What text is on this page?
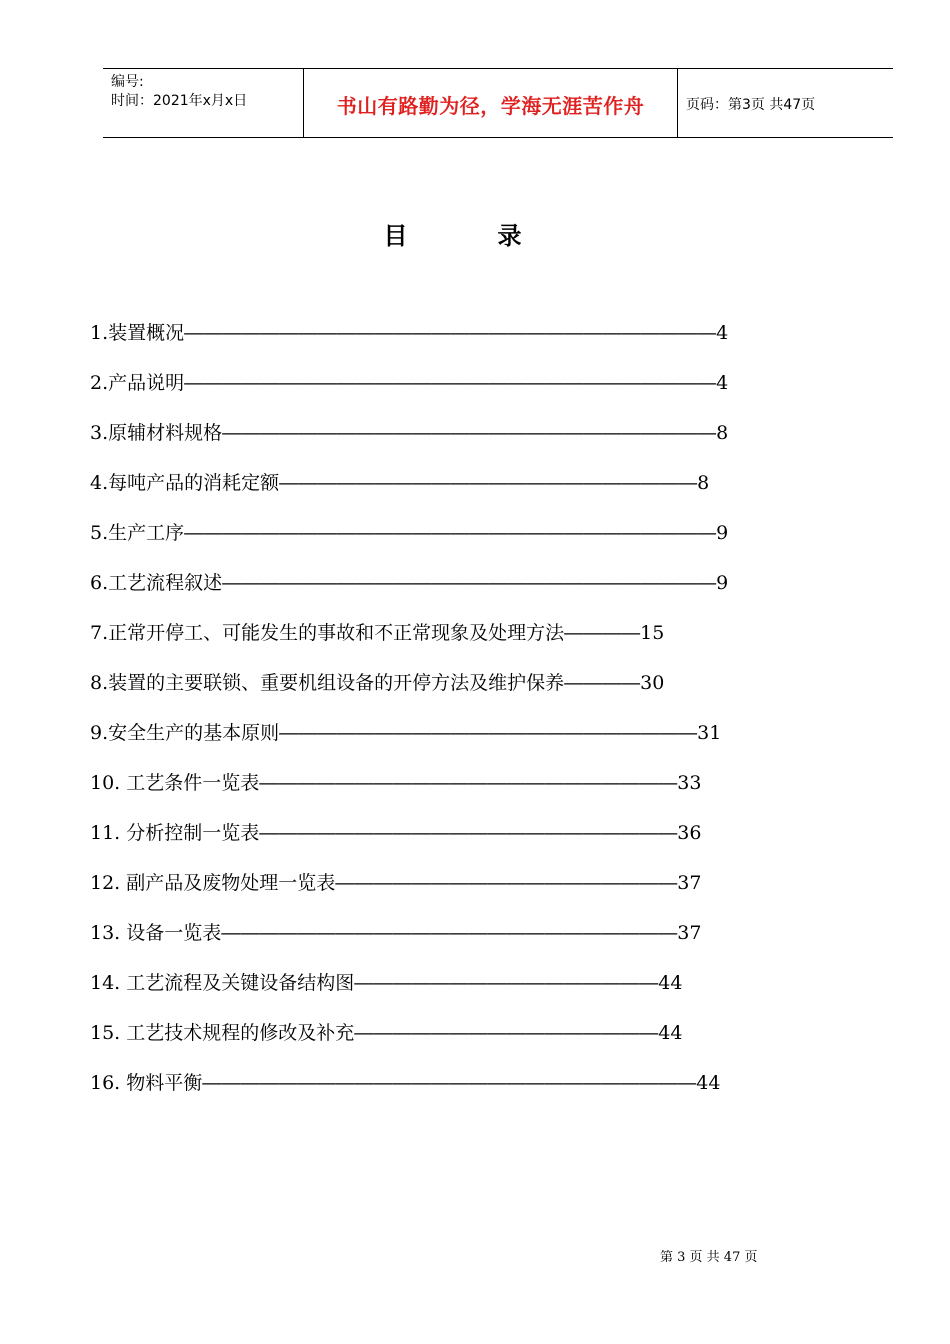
编号:
时间：2021年x月x日	书山有路勤为径，学海无涯苦作舟	页码：第3页 共47页
目录
1.装置概况――――――――――――――――――――――――――――4
2.产品说明――――――――――――――――――――――――――――4
3.原辅材料规格――――――――――――――――――――――――――8
4.每吨产品的消耗定额――――――――――――――――――――――8
5.生产工序――――――――――――――――――――――――――――9
6.工艺流程叙述――――――――――――――――――――――――――9
7.正常开停工、可能发生的事故和不正常现象及处理方法――――15
8.装置的主要联锁、重要机组设备的开停方法及维护保养――――30
9.安全生产的基本原则――――――――――――――――――――――31
10. 工艺条件一览表――――――――――――――――――――――33
11. 分析控制一览表――――――――――――――――――――――36
12. 副产品及废物处理一览表――――――――――――――――――37
13. 设备一览表――――――――――――――――――――――――37
14. 工艺流程及关键设备结构图――――――――――――――――44
15. 工艺技术规程的修改及补充――――――――――――――――44
16. 物料平衡――――――――――――――――――――――――――44
第 3 页 共 47 页
